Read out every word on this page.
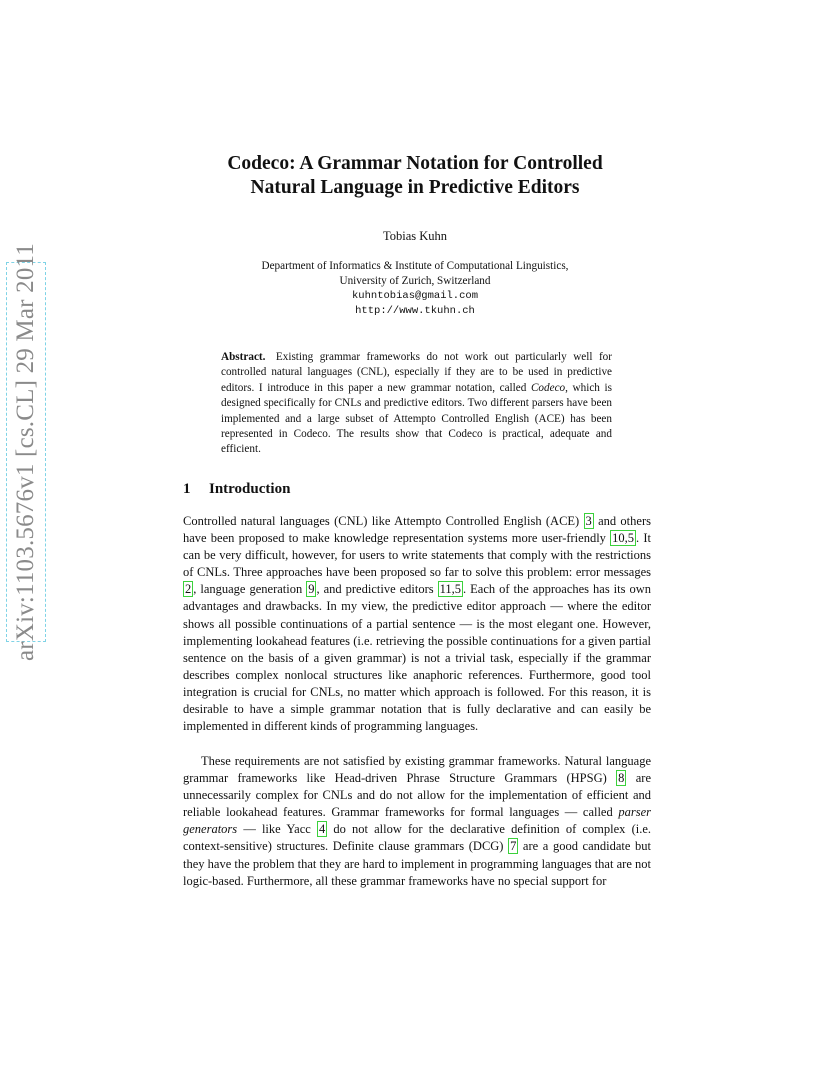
arXiv:1103.5676v1 [cs.CL] 29 Mar 2011
Codeco: A Grammar Notation for Controlled
Natural Language in Predictive Editors
Tobias Kuhn
Department of Informatics & Institute of Computational Linguistics,
University of Zurich, Switzerland
kuhntobias@gmail.com
http://www.tkuhn.ch
Abstract. Existing grammar frameworks do not work out particularly well for controlled natural languages (CNL), especially if they are to be used in predictive editors. I introduce in this paper a new grammar notation, called Codeco, which is designed specifically for CNLs and predictive editors. Two different parsers have been implemented and a large subset of Attempto Controlled English (ACE) has been represented in Codeco. The results show that Codeco is practical, adequate and efficient.
1 Introduction
Controlled natural languages (CNL) like Attempto Controlled English (ACE) 3 and others have been proposed to make knowledge representation systems more user-friendly 10,5 . It can be very difficult, however, for users to write statements that comply with the restrictions of CNLs. Three approaches have been proposed so far to solve this problem: error messages 2 , language generation 9 , and predictive editors 11,5 . Each of the approaches has its own advantages and drawbacks. In my view, the predictive editor approach — where the editor shows all possible continuations of a partial sentence — is the most elegant one. However, implementing lookahead features (i.e. retrieving the possible continuations for a given partial sentence on the basis of a given grammar) is not a trivial task, especially if the grammar describes complex nonlocal structures like anaphoric references. Furthermore, good tool integration is crucial for CNLs, no matter which approach is followed. For this reason, it is desirable to have a simple grammar notation that is fully declarative and can easily be implemented in different kinds of programming languages.
These requirements are not satisfied by existing grammar frameworks. Natural language grammar frameworks like Head-driven Phrase Structure Grammars (HPSG) 8 are unnecessarily complex for CNLs and do not allow for the implementation of efficient and reliable lookahead features. Grammar frameworks for formal languages — called parser generators — like Yacc 4 do not allow for the declarative definition of complex (i.e. context-sensitive) structures. Definite clause grammars (DCG) 7 are a good candidate but they have the problem that they are hard to implement in programming languages that are not logic-based. Furthermore, all these grammar frameworks have no special support for
